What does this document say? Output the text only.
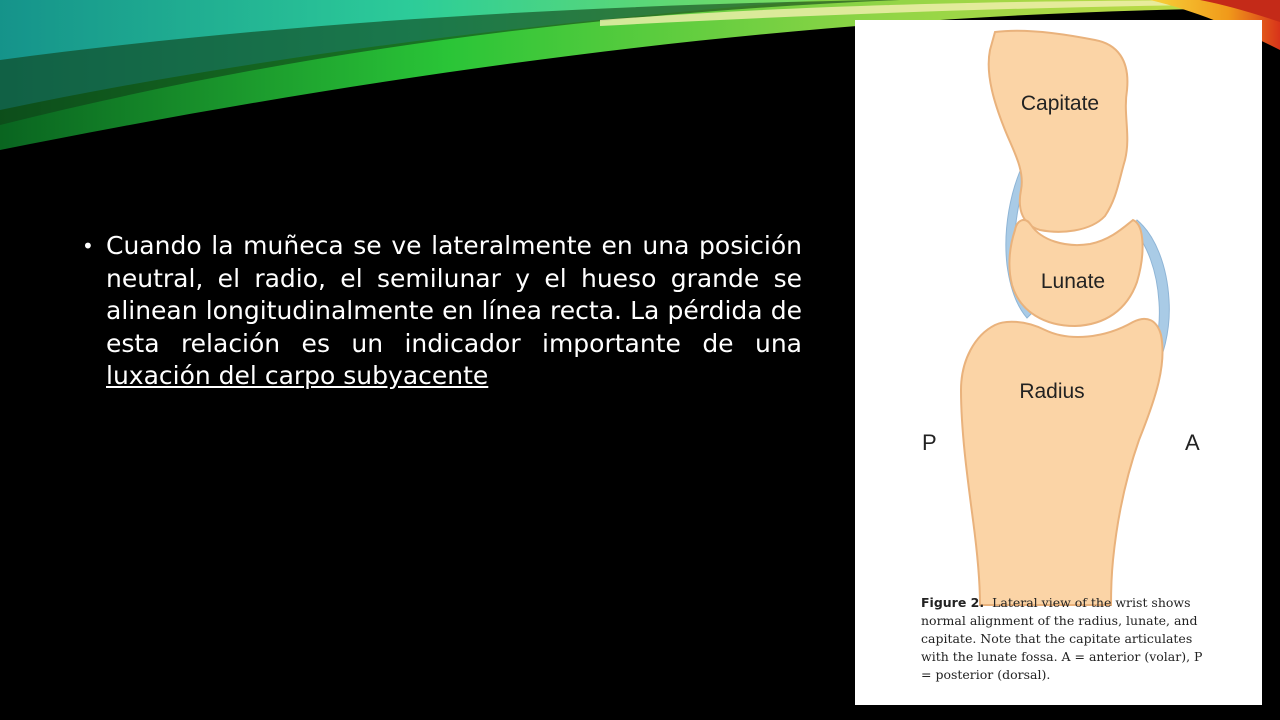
• Cuando la muñeca se ve lateralmente en una posición neutral, el radio, el semilunar y el hueso grande se alinean longitudinalmente en línea recta. La pérdida de esta relación es un indicador importante de una luxación del carpo subyacente
Capitate
Lunate
Radius
P	A
Figure 2. Lateral view of the wrist shows normal alignment of the radius, lunate, and capitate. Note that the capitate articulates with the lunate fossa. A = anterior (volar), P = posterior (dorsal).
